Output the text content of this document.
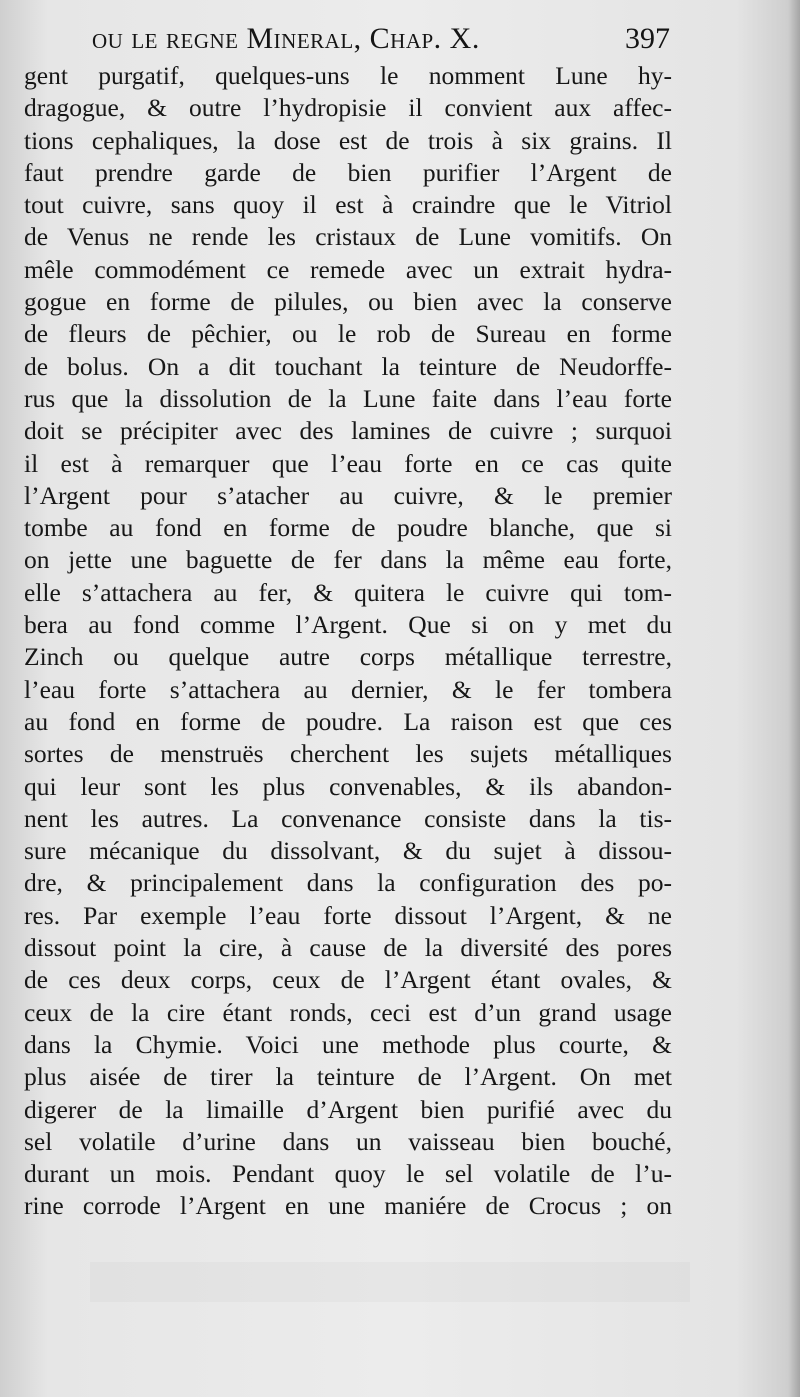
ou le regne Mineral, Chap. X.	397
gent purgatif, quelques-uns le nomment Lune hy-
dragogue, & outre l’hydropisie il convient aux affec-
tions cephaliques, la dose est de trois à six grains. Il
faut prendre garde de bien purifier l’Argent de
tout cuivre, sans quoy il est à craindre que le Vitriol
de Venus ne rende les cristaux de Lune vomitifs. On
mêle commodément ce remede avec un extrait hydra-
gogue en forme de pilules, ou bien avec la conserve
de fleurs de pêchier, ou le rob de Sureau en forme
de bolus. On a dit touchant la teinture de Neudorffe-
rus que la dissolution de la Lune faite dans l’eau forte
doit se précipiter avec des lamines de cuivre ; surquoi
il est à remarquer que l’eau forte en ce cas quite
l’Argent pour s’atacher au cuivre, & le premier
tombe au fond en forme de poudre blanche, que si
on jette une baguette de fer dans la même eau forte,
elle s’attachera au fer, & quitera le cuivre qui tom-
bera au fond comme l’Argent. Que si on y met du
Zinch ou quelque autre corps métallique terrestre,
l’eau forte s’attachera au dernier, & le fer tombera
au fond en forme de poudre. La raison est que ces
sortes de menstruës cherchent les sujets métalliques
qui leur sont les plus convenables, & ils abandon-
nent les autres. La convenance consiste dans la tis-
sure mécanique du dissolvant, & du sujet à dissou-
dre, & principalement dans la configuration des po-
res. Par exemple l’eau forte dissout l’Argent, & ne
dissout point la cire, à cause de la diversité des pores
de ces deux corps, ceux de l’Argent étant ovales, &
ceux de la cire étant ronds, ceci est d’un grand usage
dans la Chymie. Voici une methode plus courte, &
plus aisée de tirer la teinture de l’Argent. On met
digerer de la limaille d’Argent bien purifié avec du
sel volatile d’urine dans un vaisseau bien bouché,
durant un mois. Pendant quoy le sel volatile de l’u-
rine corrode l’Argent en une maniére de Crocus ; on
